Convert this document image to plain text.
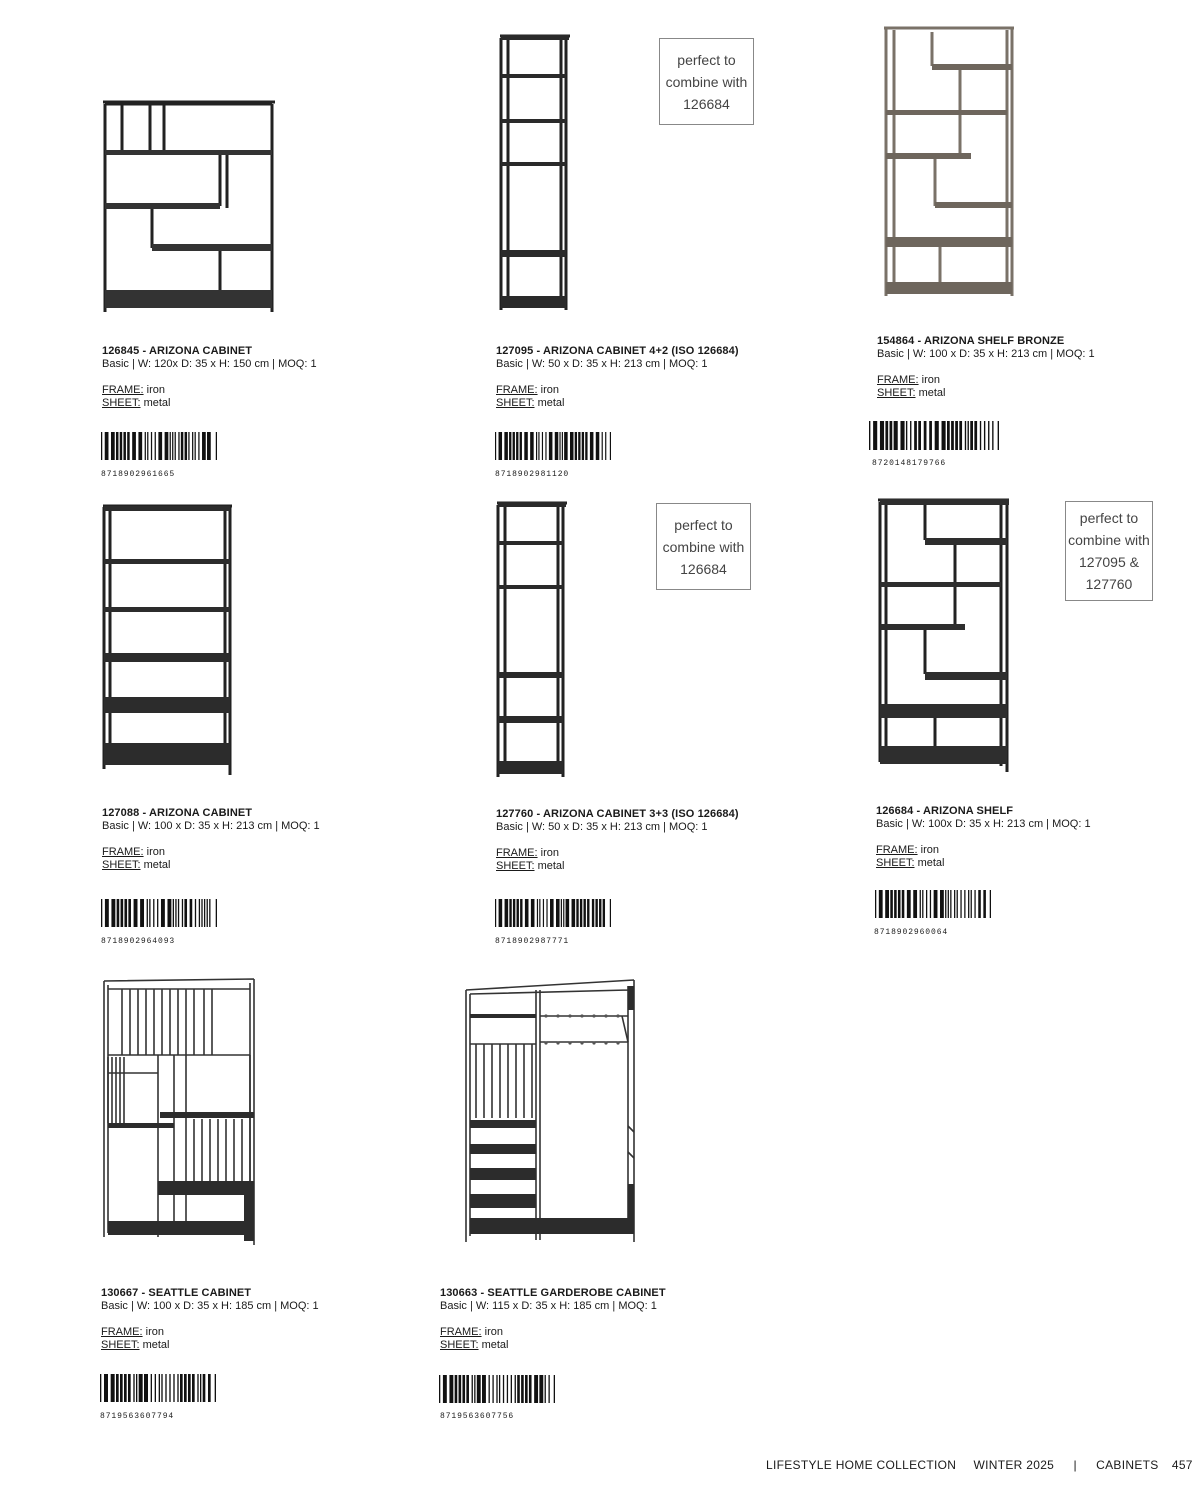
126845 - ARIZONA CABINET
Basic | W: 120x D: 35 x H: 150 cm | MOQ: 1
FRAME: iron
SHEET: metal
8718902961665
perfect to
combine with
126684
127095 - ARIZONA CABINET 4+2 (ISO 126684)
Basic | W: 50 x D: 35 x H: 213 cm | MOQ: 1
FRAME: iron
SHEET: metal
8718902981120
154864 - ARIZONA SHELF BRONZE
Basic | W: 100 x D: 35 x H: 213 cm | MOQ: 1
FRAME: iron
SHEET: metal
8720148179766
127088 - ARIZONA CABINET
Basic | W: 100 x D: 35 x H: 213 cm | MOQ: 1
FRAME: iron
SHEET: metal
8718902964093
perfect to
combine with
126684
127760 - ARIZONA CABINET 3+3 (ISO 126684)
Basic | W: 50 x D: 35 x H: 213 cm | MOQ: 1
FRAME: iron
SHEET: metal
8718902987771
perfect to
combine with
127095 &
127760
126684 - ARIZONA SHELF
Basic | W: 100x D: 35 x H: 213 cm | MOQ: 1
FRAME: iron
SHEET: metal
8718902960064
130667 - SEATTLE CABINET
Basic | W: 100 x D: 35 x H: 185 cm | MOQ: 1
FRAME: iron
SHEET: metal
8719563607794
130663 - SEATTLE GARDEROBE CABINET
Basic | W: 115 x D: 35 x H: 185 cm | MOQ: 1
FRAME: iron
SHEET: metal
8719563607756
LIFESTYLE HOME COLLECTION WINTER 2025 | CABINETS 457
